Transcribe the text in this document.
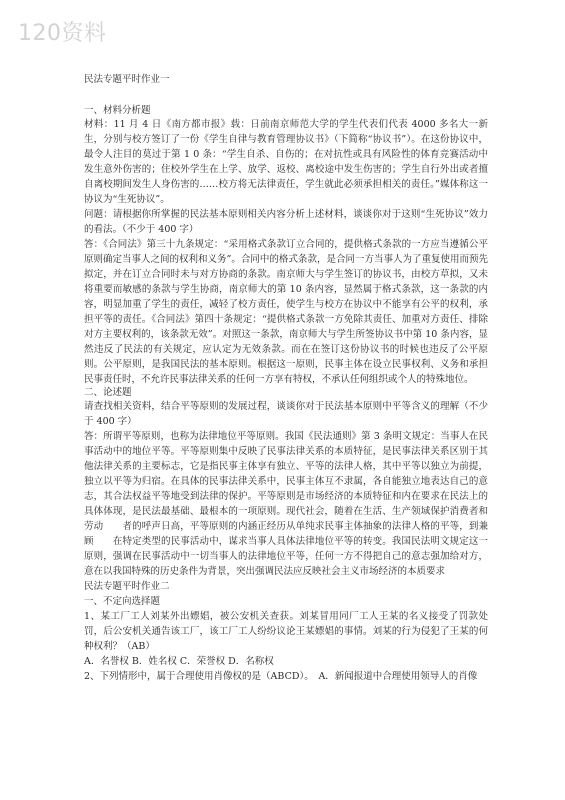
120资料

民法专题平时作业一

一、材料分析题

材料：11 月 4 日《南方都市报》载：日前南京师范大学的学生代表们代表 4000 多名大一新生，分别与校方签订了一份《学生自律与教育管理协议书》（下简称“协议书”）。在这份协议中，最令人注目的莫过于第 1 0 条：“学生自杀、自伤的；在对抗性或具有风险性的体育竞赛活动中发生意外伤害的；住校外学生在上学、放学、返校、离校途中发生伤害的；学生自行外出或者擅自离校期间发生人身伤害的……校方将无法律责任，学生就此必须承担相关的责任。”媒体称这一协议为“生死协议”。

问题：请根据你所掌握的民法基本原则相关内容分析上述材料，谈谈你对于这则“生死协议”效力的看法。（不少于 400 字）

答：《合同法》第三十九条规定：“采用格式条款订立合同的，提供格式条款的一方应当遵循公平原则确定当事人之间的权利和义务”。合同中的格式条款，是合同一方当事人为了重复使用而预先拟定，并在订立合同时未与对方协商的条款。南京师大与学生签订的协议书，由校方草拟，又未将重要而敏感的条款与学生协商，南京师大的第 10 条内容，显然属于格式条款，这一条款的内容，明显加重了学生的责任，减轻了校方责任，使学生与校方在协议中不能享有公平的权利，承担平等的责任。《合同法》第四十条规定：“提供格式条款一方免除其责任、加重对方责任、排除对方主要权利的，该条款无效”。对照这一条款，南京师大与学生所签协议书中第 10 条内容，显然违反了民法的有关规定，应认定为无效条款。而在在签订这份协议书的时候也违反了公平原则。公平原则，是我国民法的基本原则。根据这一原则，民事主体在设立民事权利、义务和承担民事责任时，不允许民事法律关系的任何一方享有特权，不承认任何组织或个人的特殊地位。

二、论述题

请查找相关资料，结合平等原则的发展过程，谈谈你对于民法基本原则中平等含义的理解（不少于 400 字）

答：所谓平等原则，也称为法律地位平等原则。我国《民法通则》第 3 条明文规定：当事人在民事活动中的地位平等。平等原则集中反映了民事法律关系的本质特征，是民事法律关系区别于其他法律关系的主要标志，它是指民事主体享有独立、平等的法律人格，其中平等以独立为前提，独立以平等为归宿。在具体的民事法律关系中，民事主体互不隶属，各自能独立地表达自己的意志，其合法权益平等地受到法律的保护。平等原则是市场经济的本质特征和内在要求在民法上的具体体现，是民法最基础、最根本的一项原则。现代社会，随着在生活、生产领域保护消费者和劳动　　者的呼声日高，平等原则的内涵正经历从单纯求民事主体抽象的法律人格的平等，到兼顾　　在特定类型的民事活动中，谋求当事人具体法律地位平等的转变。我国民法明文规定这一原则，强调在民事活动中一切当事人的法律地位平等，任何一方不得把自己的意志强加给对方，意在以我国特殊的历史条件为背景，突出强调民法应反映社会主义市场经济的本质要求

民法专题平时作业二

一、不定向选择题

1、某工厂工人刘某外出嫖娼，被公安机关查获。刘某冒用同厂工人王某的名义接受了罚款处罚，后公安机关通告该工厂，该工厂工人纷纷议论王某嫖娼的事情。刘某的行为侵犯了王某的何种权利？（AB）

A．名誉权 B．姓名权 C．荣誉权 D．名称权

2、下列情形中，属于合理使用肖像权的是（ABCD）。　A．新闻报道中合理使用领导人的肖像
